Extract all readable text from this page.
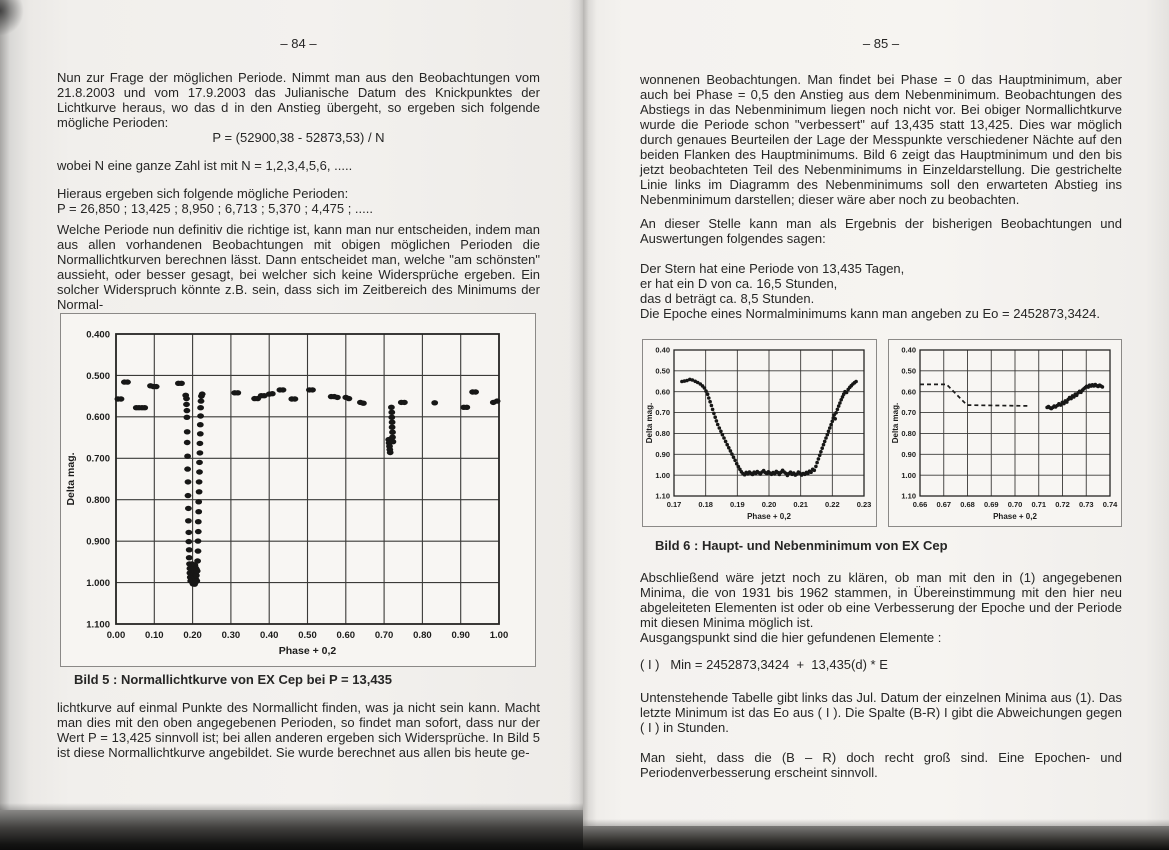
– 84 –
Nun zur Frage der möglichen Periode. Nimmt man aus den Beobachtungen vom 21.8.2003 und vom 17.9.2003 das Julianische Datum des Knickpunktes der Lichtkurve heraus, wo das d in den Anstieg übergeht, so ergeben sich folgende mögliche Perioden:
P = (52900,38 - 52873,53) / N
wobei N eine ganze Zahl ist mit N = 1,2,3,4,5,6, .....
Hieraus ergeben sich folgende mögliche Perioden:
P = 26,850 ; 13,425 ; 8,950 ; 6,713 ; 5,370 ; 4,475 ; .....
Welche Periode nun definitiv die richtige ist, kann man nur entscheiden, indem man aus allen vorhandenen Beobachtungen mit obigen möglichen Perioden die Normallichtkurven berechnen lässt. Dann entscheidet man, welche "am schönsten" aussieht, oder besser gesagt, bei welcher sich keine Widersprüche ergeben. Ein solcher Widerspruch könnte z.B. sein, dass sich im Zeitbereich des Minimums der Normal-
0.00 0.10 0.20 0.30 0.40 0.50 0.60 0.70 0.80 0.90 1.00
0.400
0.500
0.600
0.700
0.800
0.900
1.000
1.100
Phase + 0,2
Delta mag.
Bild 5 : Normallichtkurve von EX Cep bei P = 13,435
lichtkurve auf einmal Punkte des Normallicht finden, was ja nicht sein kann. Macht man dies mit den oben angegebenen Perioden, so findet man sofort, dass nur der Wert P = 13,425 sinnvoll ist; bei allen anderen ergeben sich Widersprüche. In Bild 5 ist diese Normallichtkurve angebildet. Sie wurde berechnet aus allen bis heute ge-
– 85 –
wonnenen Beobachtungen. Man findet bei Phase = 0 das Hauptminimum, aber auch bei Phase = 0,5 den Anstieg aus dem Nebenminimum. Beobachtungen des Abstiegs in das Nebenminimum liegen noch nicht vor. Bei obiger Normallichtkurve wurde die Periode schon "verbessert" auf 13,435 statt 13,425. Dies war möglich durch genaues Beurteilen der Lage der Messpunkte verschiedener Nächte auf den beiden Flanken des Hauptminimums. Bild 6 zeigt das Hauptminimum und den bis jetzt beobachteten Teil des Nebenminimums in Einzeldarstellung. Die gestrichelte Linie links im Diagramm des Nebenminimums soll den erwarteten Abstieg ins Nebenminimum darstellen; dieser wäre aber noch zu beobachten.
An dieser Stelle kann man als Ergebnis der bisherigen Beobachtungen und Auswertungen folgendes sagen:
Der Stern hat eine Periode von 13,435 Tagen,
er hat ein D von ca. 16,5 Stunden,
das d beträgt ca. 8,5 Stunden.
Die Epoche eines Normalminimums kann man angeben zu Eo = 2452873,3424.
0.17 0.18 0.19 0.20 0.21 0.22 0.23
0.40
0.50
0.60
0.70
0.80
0.90
1.00
1.10
Phase + 0,2
Delta mag.
0.66 0.67 0.68 0.69 0.70 0.71 0.72 0.73 0.74
0.40
0.50
0.60
0.70
0.80
0.90
1.00
1.10
Phase + 0,2
Delta mag.
Bild 6 : Haupt- und Nebenminimum von EX Cep
Abschließend wäre jetzt noch zu klären, ob man mit den in (1) angegebenen Minima, die von 1931 bis 1962 stammen, in Übereinstimmung mit den hier neu abgeleiteten Elementen ist oder ob eine Verbesserung der Epoche und der Periode mit diesen Minima möglich ist.
Ausgangspunkt sind die hier gefundenen Elemente :
( I )   Min = 2452873,3424  +  13,435(d) * E
Untenstehende Tabelle gibt links das Jul. Datum der einzelnen Minima aus (1). Das letzte Minimum ist das Eo aus ( I ). Die Spalte (B-R) I gibt die Abweichungen gegen ( I ) in Stunden.
Man sieht, dass die (B – R) doch recht groß sind. Eine Epochen- und Periodenverbesserung erscheint sinnvoll.
